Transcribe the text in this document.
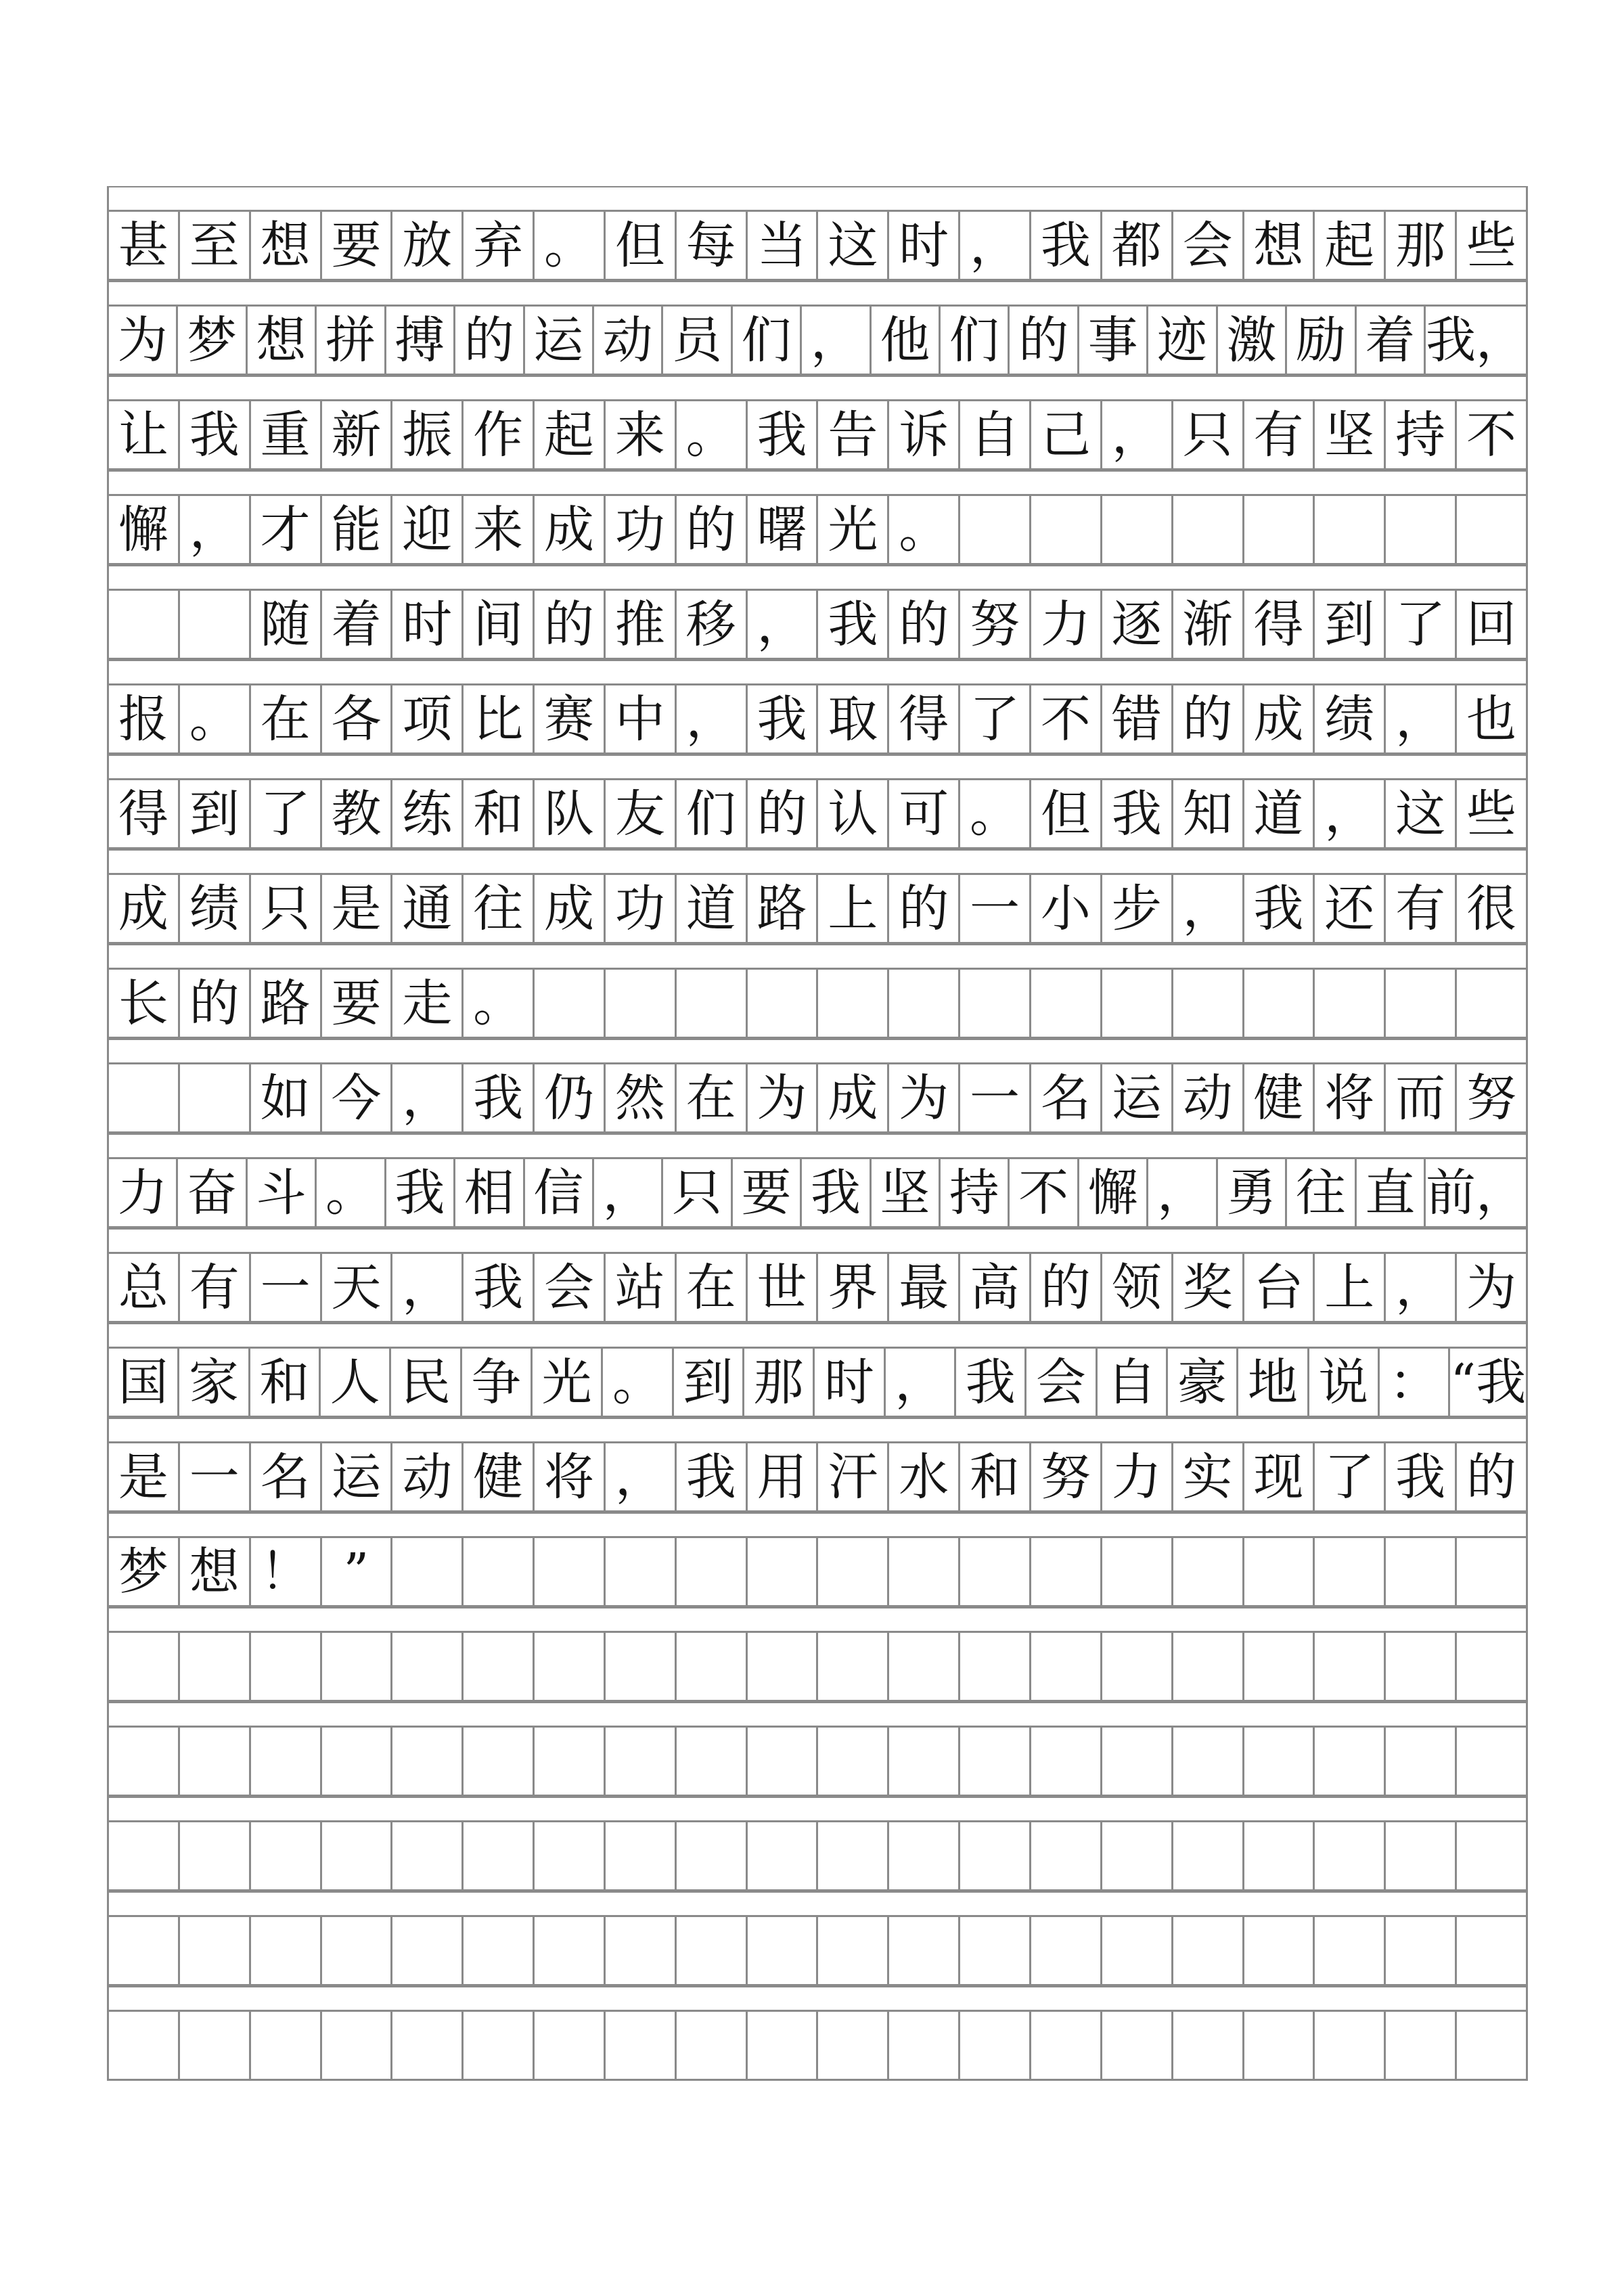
甚 至 想 要 放 弃 。 但 每 当 这 时 ， 我 都 会 想 起 那 些
为 梦 想 拼 搏 的 运 动 员 们 ， 他 们 的 事 迹 激 励 着 我，
让 我 重 新 振 作 起 来 。 我 告 诉 自 己 ， 只 有 坚 持 不
懈 ， 才 能 迎 来 成 功 的 曙 光 。
随 着 时 间 的 推 移 ， 我 的 努 力 逐 渐 得 到 了 回
报 。 在 各 项 比 赛 中 ， 我 取 得 了 不 错 的 成 绩 ， 也
得 到 了 教 练 和 队 友 们 的 认 可 。 但 我 知 道 ， 这 些
成 绩 只 是 通 往 成 功 道 路 上 的 一 小 步 ， 我 还 有 很
长 的 路 要 走 。
如 今 ， 我 仍 然 在 为 成 为 一 名 运 动 健 将 而 努
力 奋 斗 。 我 相 信 ， 只 要 我 坚 持 不 懈 ， 勇 往 直 前，
总 有 一 天 ， 我 会 站 在 世 界 最 高 的 领 奖 台 上 ， 为
国 家 和 人 民 争 光 。 到 那 时 ， 我 会 自 豪 地 说 ： “我
是 一 名 运 动 健 将 ， 我 用 汗 水 和 努 力 实 现 了 我 的
梦 想 ！ ”
